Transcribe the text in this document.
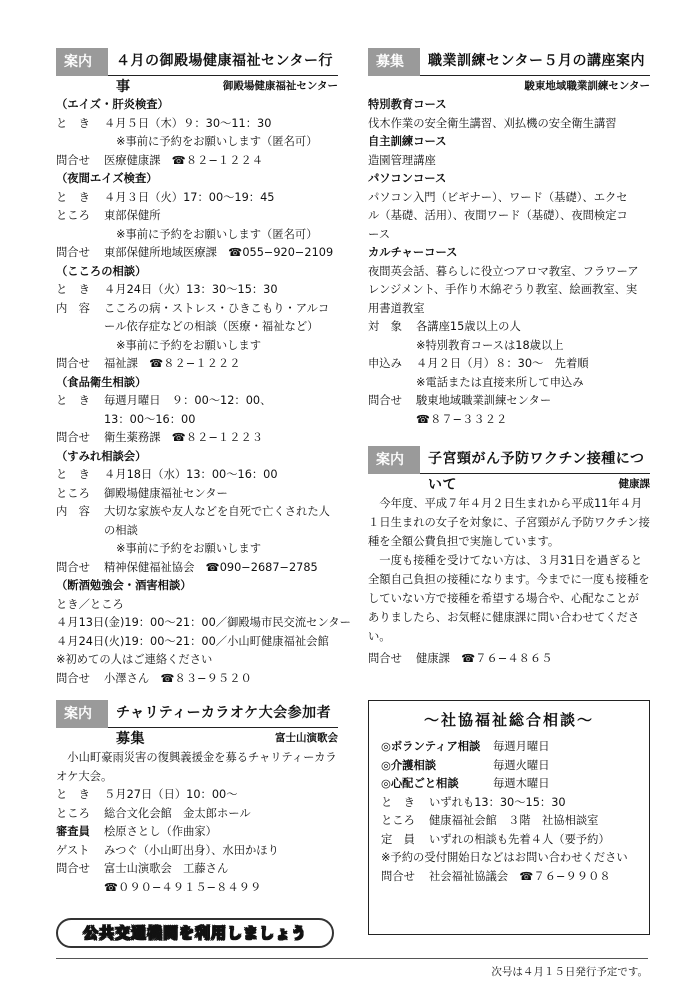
案内	４月の御殿場健康福祉センター行事	御殿場健康福祉センター
（エイズ・肝炎検査）
と　き ４月５日（木）９：30〜11：30
※事前に予約をお願いします（匿名可）
問合せ 医療健康課　☎８２−１２２４
（夜間エイズ検査）
と　き ４月３日（火）17：00〜19：45
ところ 東部保健所
※事前に予約をお願いします（匿名可）
問合せ 東部保健所地域医療課　☎055−920−2109
（こころの相談）
と　き ４月24日（火）13：30〜15：30
内　容 こころの病・ストレス・ひきこもり・アルコ
ール依存症などの相談（医療・福祉など）
※事前に予約をお願いします
問合せ 福祉課　☎８２−１２２２
（食品衛生相談）
と　き 毎週月曜日　９：00〜12：00、
13：00〜16：00
問合せ 衛生薬務課　☎８２−１２２３
（すみれ相談会）
と　き ４月18日（水）13：00〜16：00
ところ 御殿場健康福祉センター
内　容 大切な家族や友人などを自死で亡くされた人
の相談
※事前に予約をお願いします
問合せ 精神保健福祉協会　☎090−2687−2785
（断酒勉強会・酒害相談）
とき／ところ
４月13日(金)19：00〜21：00／御殿場市民交流センター
４月24日(火)19：00〜21：00／小山町健康福祉会館
※初めての人はご連絡ください
問合せ 小澤さん　☎８３−９５２０
案内	チャリティーカラオケ大会参加者募集	富士山演歌会
小山町豪雨災害の復興義援金を募るチャリティーカラオケ大会。
と　き ５月27日（日）10：00〜
ところ 総合文化会館　金太郎ホール
審査員 桧原さとし（作曲家）
ゲスト みつぐ（小山町出身）、水田かほり
問合せ 富士山演歌会　工藤さん
☎０９０−４９１５−８４９９
公共交通機関を利用しましょう
募集	職業訓練センター５月の講座案内
駿東地域職業訓練センター
特別教育コース
伐木作業の安全衛生講習、刈払機の安全衛生講習
自主訓練コース
造園管理講座
パソコンコース
パソコン入門（ビギナー）、ワード（基礎）、エクセ
ル（基礎、活用）、夜間ワード（基礎）、夜間検定コ
ース
カルチャーコース
夜間英会話、暮らしに役立つアロマ教室、フラワーア
レンジメント、手作り木綿ぞうり教室、絵画教室、実
用書道教室
対　象 各講座15歳以上の人
※特別教育コースは18歳以上
申込み ４月２日（月）８：30〜　先着順
※電話または直接来所して申込み
問合せ 駿東地域職業訓練センター
☎８７−３３２２
案内	子宮頸がん予防ワクチン接種について	健康課
今年度、平成７年４月２日生まれから平成11年４月１日生まれの女子を対象に、子宮頸がん予防ワクチン接種を全額公費負担で実施しています。
一度も接種を受けてない方は、３月31日を過ぎると全額自己負担の接種になります。今までに一度も接種をしていない方で接種を希望する場合や、心配なことがありましたら、お気軽に健康課に問い合わせてください。
問合せ 健康課　☎７６−４８６５
〜社協福祉総合相談〜
◎ボランティア相談 毎週月曜日
◎介護相談	毎週火曜日
◎心配ごと相談	毎週木曜日
と　き いずれも13：30〜15：30
ところ 健康福祉会館　３階　社協相談室
定　員 いずれの相談も先着４人（要予約）
※予約の受付開始日などはお問い合わせください
問合せ 社会福祉協議会　☎７６−９９０８
次号は４月１５日発行予定です。
